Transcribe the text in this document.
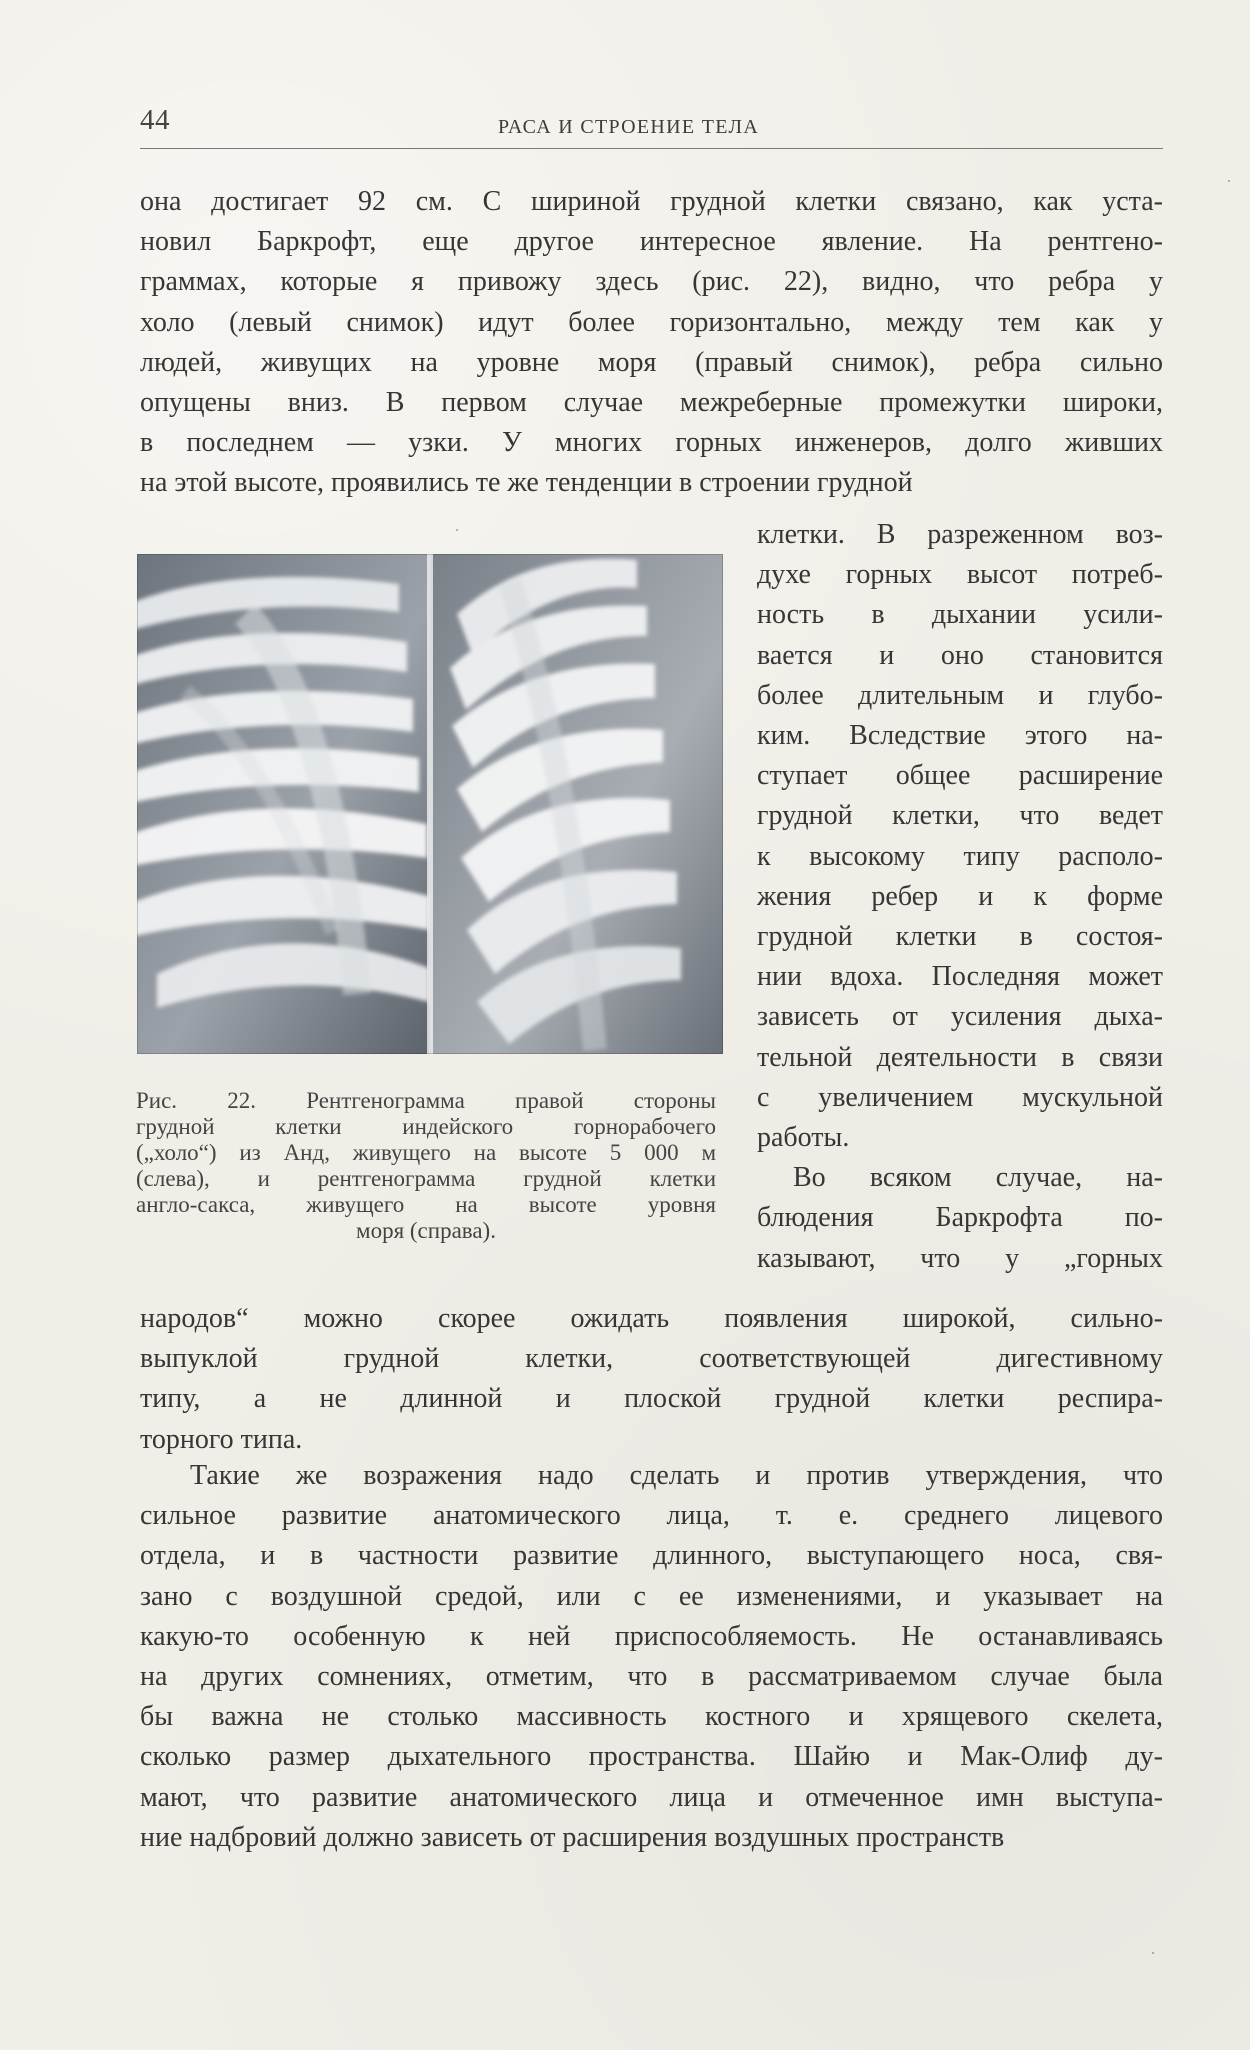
44	РАСА И СТРОЕНИЕ ТЕЛА
она достигает 92 см. С шириной грудной клетки связано, как уста-
новил Баркрофт, еще другое интересное явление. На рентгено-
граммах, которые я привожу здесь (рис. 22), видно, что ребра у
холо (левый снимок) идут более горизонтально, между тем как у
людей, живущих на уровне моря (правый снимок), ребра сильно
опущены вниз. В первом случае межреберные промежутки широки,
в последнем — узки. У многих горных инженеров, долго живших
на этой высоте, проявились те же тенденции в строении грудной
клетки. В разреженном воз-
духе горных высот потреб-
ность в дыхании усили-
вается и оно становится
более длительным и глубо-
ким. Вследствие этого на-
ступает общее расширение
грудной клетки, что ведет
к высокому типу располо-
жения ребер и к форме
грудной клетки в состоя-
нии вдоха. Последняя может
зависеть от усиления дыха-
тельной деятельности в связи
с увеличением мускульной
работы.
Во всяком случае, на-
блюдения Баркрофта по-
казывают, что у „горных
Рис. 22. Рентгенограмма правой стороны
грудной клетки индейского горнорабочего
(„холо“) из Анд, живущего на высоте 5 000 м
(слева), и рентгенограмма грудной клетки
англо-сакса, живущего на высоте уровня
моря (справа).
народов“ можно скорее ожидать появления широкой, сильно-
выпуклой грудной клетки, соответствующей дигестивному
типу, а не длинной и плоской грудной клетки респира-
торного типа.
Такие же возражения надо сделать и против утверждения, что
сильное развитие анатомического лица, т. е. среднего лицевого
отдела, и в частности развитие длинного, выступающего носа, свя-
зано с воздушной средой, или с ее изменениями, и указывает на
какую-то особенную к ней приспособляемость. Не останавливаясь
на других сомнениях, отметим, что в рассматриваемом случае была
бы важна не столько массивность костного и хрящевого скелета,
сколько размер дыхательного пространства. Шайю и Мак-Олиф ду-
мают, что развитие анатомического лица и отмеченное имн выступа-
ние надбровий должно зависеть от расширения воздушных пространств
